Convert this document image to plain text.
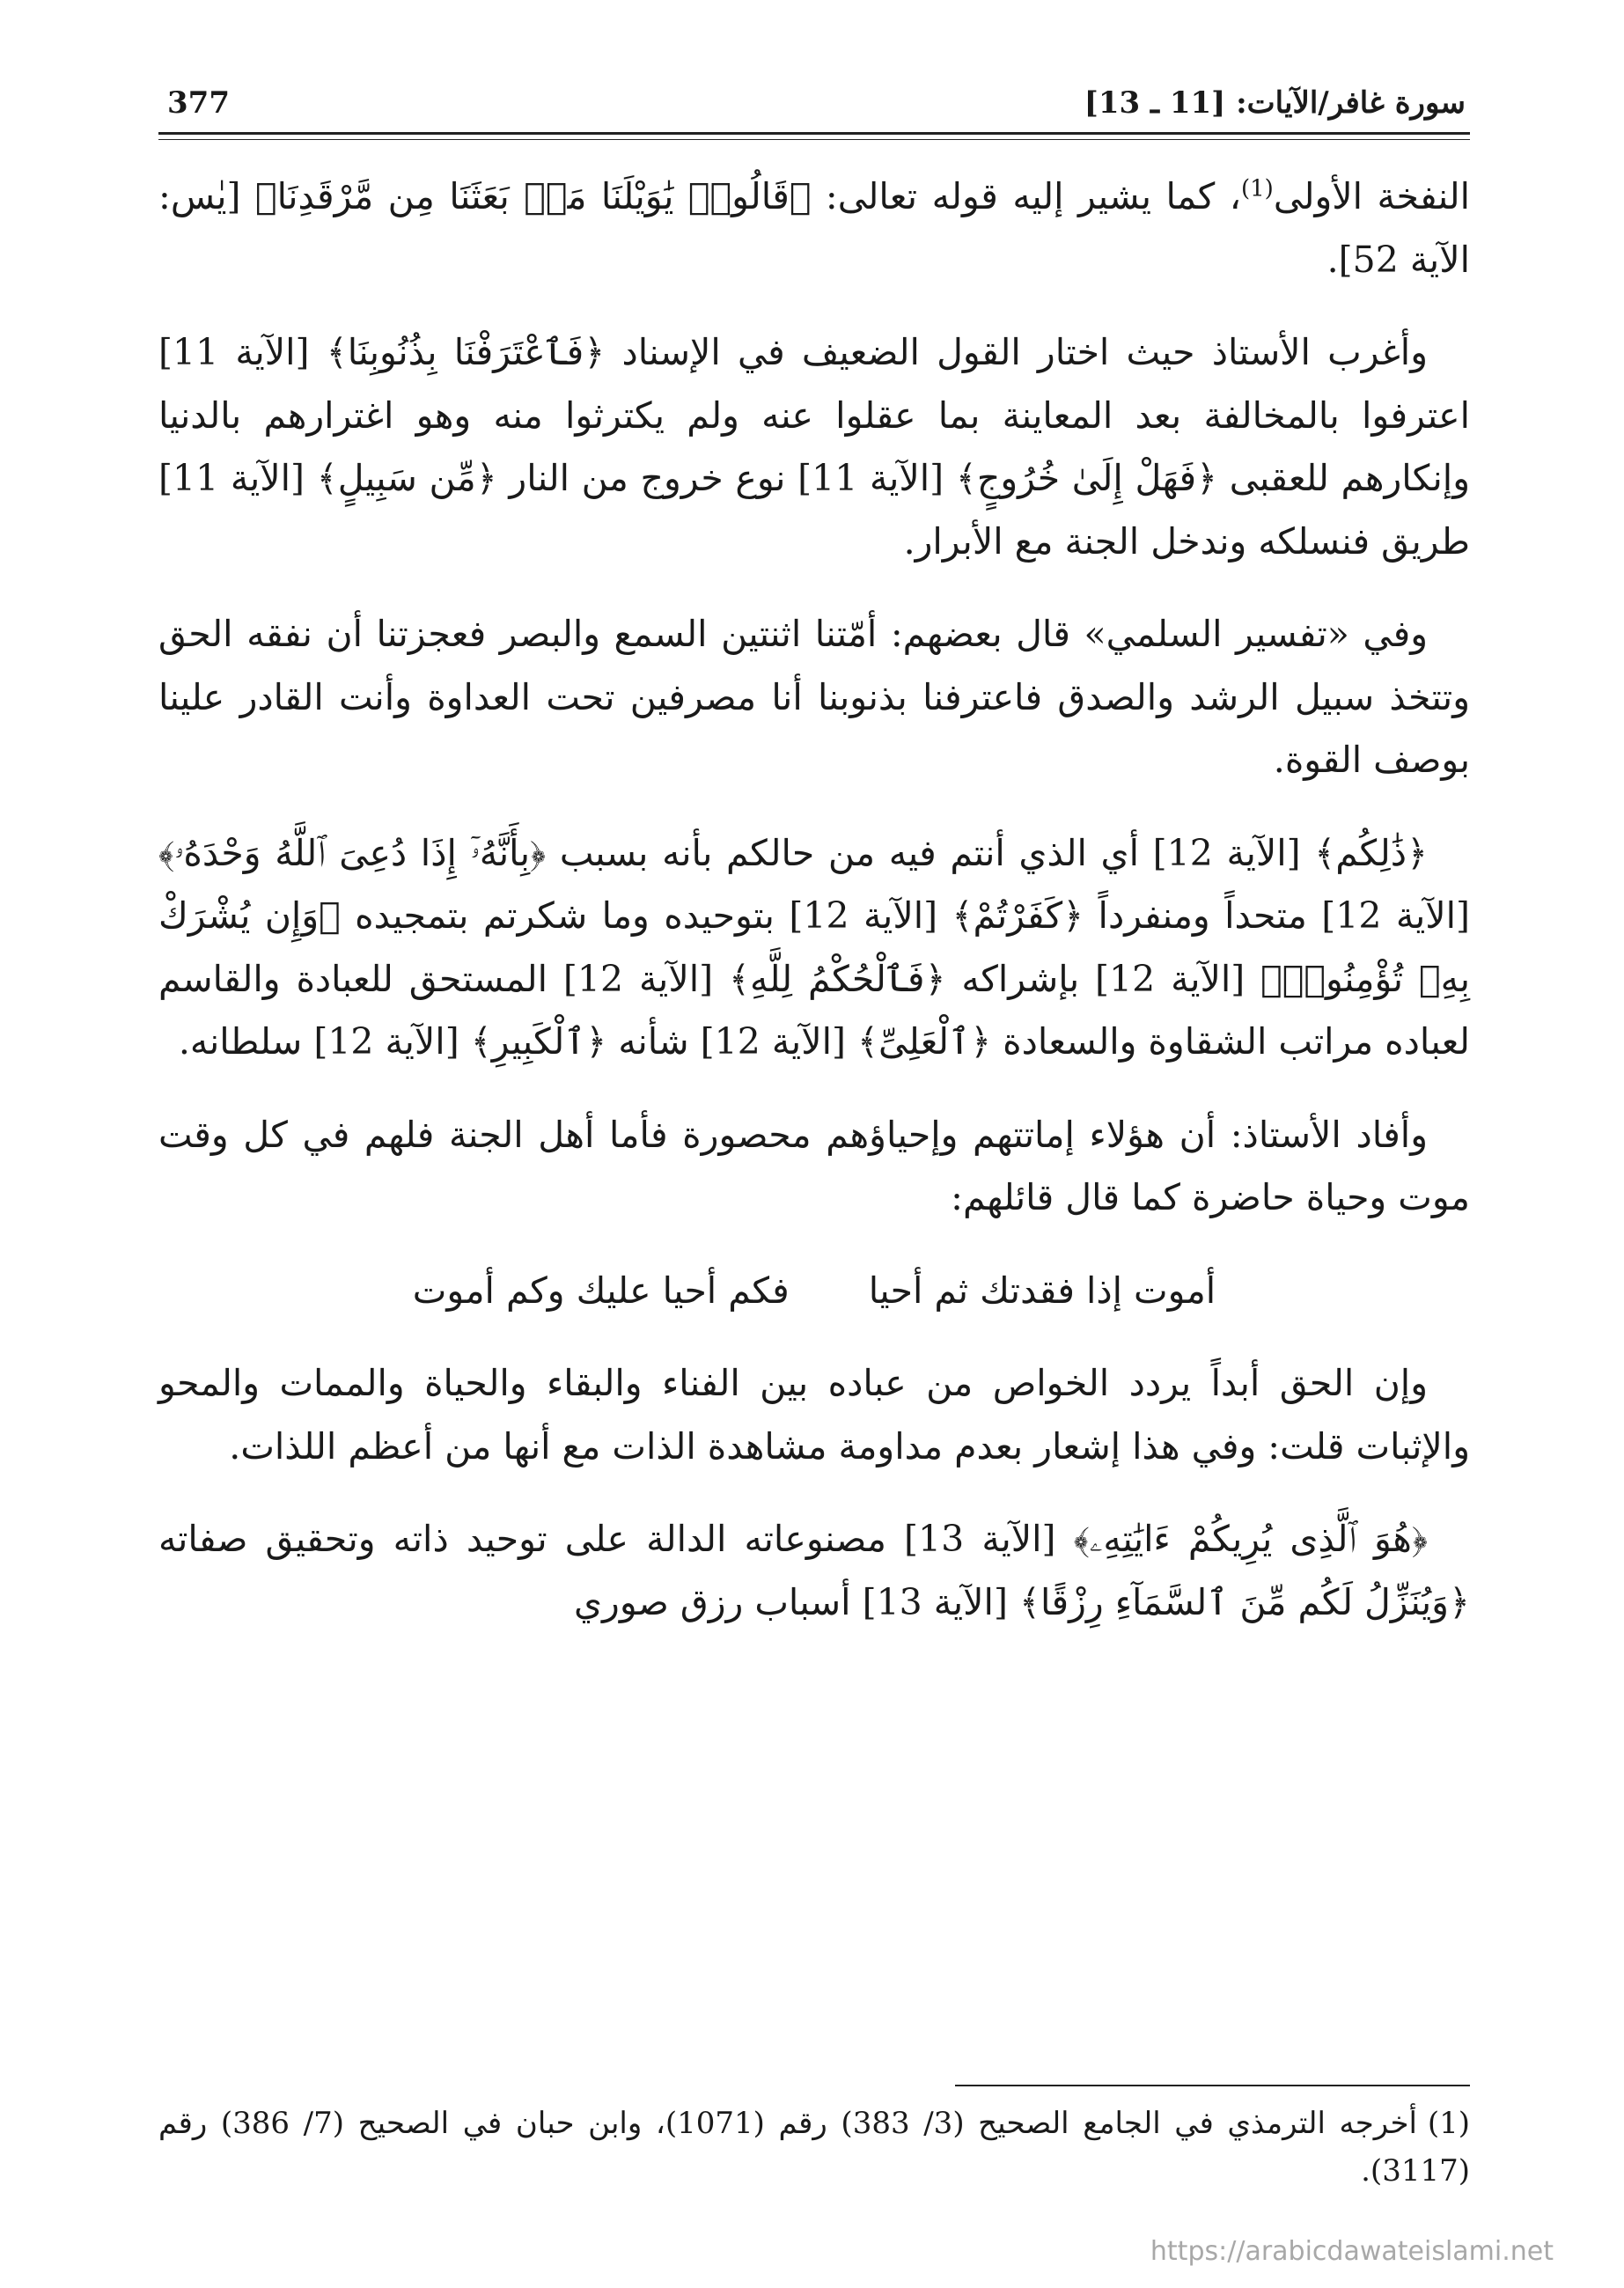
سورة غافر/الآيات: [11 ـ 13]
377

النفخة الأولى$^{(1)}$، كما يشير إليه قوله تعالى: ﴿قَالُوا۟ يَٰوَيْلَنَا مَنۢ بَعَثَنَا مِن مَّرْقَدِنَا﴾ [يٰس: الآية 52].

وأغرب الأستاذ حيث اختار القول الضعيف في الإسناد ﴿فَٱعْتَرَفْنَا بِذُنُوبِنَا﴾ [الآية 11] اعترفوا بالمخالفة بعد المعاينة بما عقلوا عنه ولم يكترثوا منه وهو اغترارهم بالدنيا وإنكارهم للعقبى ﴿فَهَلْ إِلَىٰ خُرُوجٍ﴾ [الآية 11] نوع خروج من النار ﴿مِّن سَبِيلٍ﴾ [الآية 11] طريق فنسلكه وندخل الجنة مع الأبرار.

وفي «تفسير السلمي» قال بعضهم: أمّتنا اثنتين السمع والبصر فعجزتنا أن نفقه الحق وتتخذ سبيل الرشد والصدق فاعترفنا بذنوبنا أنا مصرفين تحت العداوة وأنت القادر علينا بوصف القوة.

﴿ذَٰلِكُم﴾ [الآية 12] أي الذي أنتم فيه من حالكم بأنه بسبب ﴿بِأَنَّهُۥٓ إِذَا دُعِىَ ٱللَّهُ وَحْدَهُۥ﴾ [الآية 12] متحداً ومنفرداً ﴿كَفَرْتُمْ﴾ [الآية 12] بتوحيده وما شكرتم بتمجيده ﴿وَإِن يُشْرَكْ بِهِۦ تُؤْمِنُوا۟﴾ [الآية 12] بإشراكه ﴿فَٱلْحُكْمُ لِلَّهِ﴾ [الآية 12] المستحق للعبادة والقاسم لعباده مراتب الشقاوة والسعادة ﴿ٱلْعَلِىِّ﴾ [الآية 12] شأنه ﴿ٱلْكَبِيرِ﴾ [الآية 12] سلطانه.

وأفاد الأستاذ: أن هؤلاء إماتتهم وإحياؤهم محصورة فأما أهل الجنة فلهم في كل وقت موت وحياة حاضرة كما قال قائلهم:

أموت إذا فقدتك ثم أحيا
فكم أحيا عليك وكم أموت

وإن الحق أبداً يردد الخواص من عباده بين الفناء والبقاء والحياة والممات والمحو والإثبات قلت: وفي هذا إشعار بعدم مداومة مشاهدة الذات مع أنها من أعظم اللذات.

﴿هُوَ ٱلَّذِى يُرِيكُمْ ءَايَٰتِهِۦ﴾ [الآية 13] مصنوعاته الدالة على توحيد ذاته وتحقيق صفاته ﴿وَيُنَزِّلُ لَكُم مِّنَ ٱلسَّمَآءِ رِزْقًا﴾ [الآية 13] أسباب رزق صوري

(1)أخرجه الترمذي في الجامع الصحيح (3/ 383) رقم (1071)، وابن حبان في الصحيح (7/ 386) رقم (3117).
https://arabicdawateislami.net
